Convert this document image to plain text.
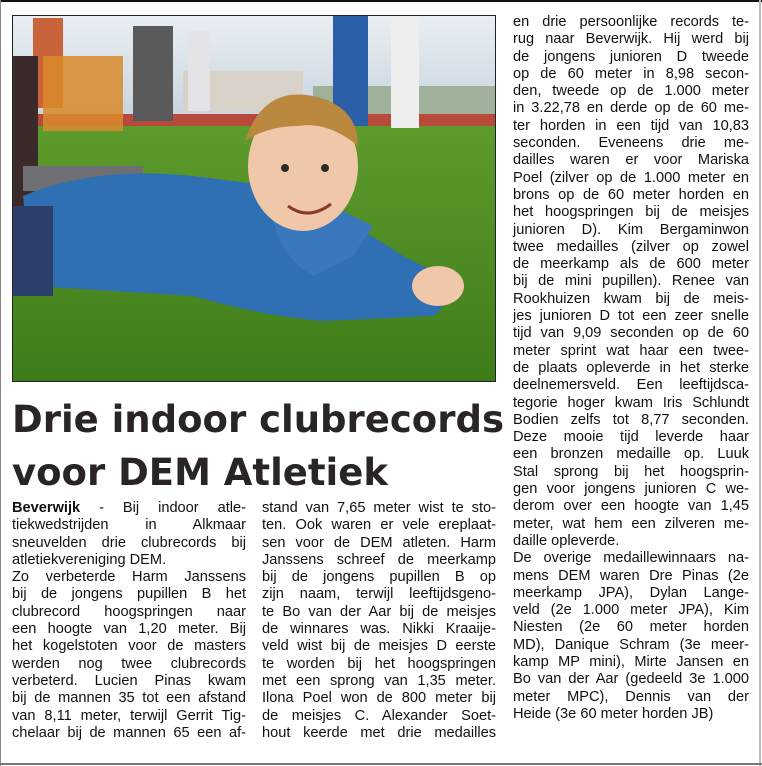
Drie indoor clubrecords
voor DEM Atletiek
Beverwijk - Bij indoor atle-
tiekwedstrijden in Alkmaar
sneuvelden drie clubrecords bij
atletiekvereniging DEM.
Zo verbeterde Harm Janssens
bij de jongens pupillen B het
clubrecord hoogspringen naar
een hoogte van 1,20 meter. Bij
het kogelstoten voor de masters
werden nog twee clubrecords
verbeterd. Lucien Pinas kwam
bij de mannen 35 tot een afstand
van 8,11 meter, terwijl Gerrit Tig-
chelaar bij de mannen 65 een af-
stand van 7,65 meter wist te sto-
ten. Ook waren er vele ereplaat-
sen voor de DEM atleten. Harm
Janssens schreef de meerkamp
bij de jongens pupillen B op
zijn naam, terwijl leeftijdsgeno-
te Bo van der Aar bij de meisjes
de winnares was. Nikki Kraaije-
veld wist bij de meisjes D eerste
te worden bij het hoogspringen
met een sprong van 1,35 meter.
Ilona Poel won de 800 meter bij
de meisjes C. Alexander Soet-
hout keerde met drie medailles
en drie persoonlijke records te-
rug naar Beverwijk. Hij werd bij
de jongens junioren D tweede
op de 60 meter in 8,98 secon-
den, tweede op de 1.000 meter
in 3.22,78 en derde op de 60 me-
ter horden in een tijd van 10,83
seconden. Eveneens drie me-
dailles waren er voor Mariska
Poel (zilver op de 1.000 meter en
brons op de 60 meter horden en
het hoogspringen bij de meisjes
junioren D). Kim Bergaminwon
twee medailles (zilver op zowel
de meerkamp als de 600 meter
bij de mini pupillen). Renee van
Rookhuizen kwam bij de meis-
jes junioren D tot een zeer snelle
tijd van 9,09 seconden op de 60
meter sprint wat haar een twee-
de plaats opleverde in het sterke
deelnemersveld. Een leeftijdsca-
tegorie hoger kwam Iris Schlundt
Bodien zelfs tot 8,77 seconden.
Deze mooie tijd leverde haar
een bronzen medaille op. Luuk
Stal sprong bij het hoogsprin-
gen voor jongens junioren C we-
derom over een hoogte van 1,45
meter, wat hem een zilveren me-
daille opleverde.
De overige medaillewinnaars na-
mens DEM waren Dre Pinas (2e
meerkamp JPA), Dylan Lange-
veld (2e 1.000 meter JPA), Kim
Niesten (2e 60 meter horden
MD), Danique Schram (3e meer-
kamp MP mini), Mirte Jansen en
Bo van der Aar (gedeeld 3e 1.000
meter MPC), Dennis van der
Heide (3e 60 meter horden JB)
